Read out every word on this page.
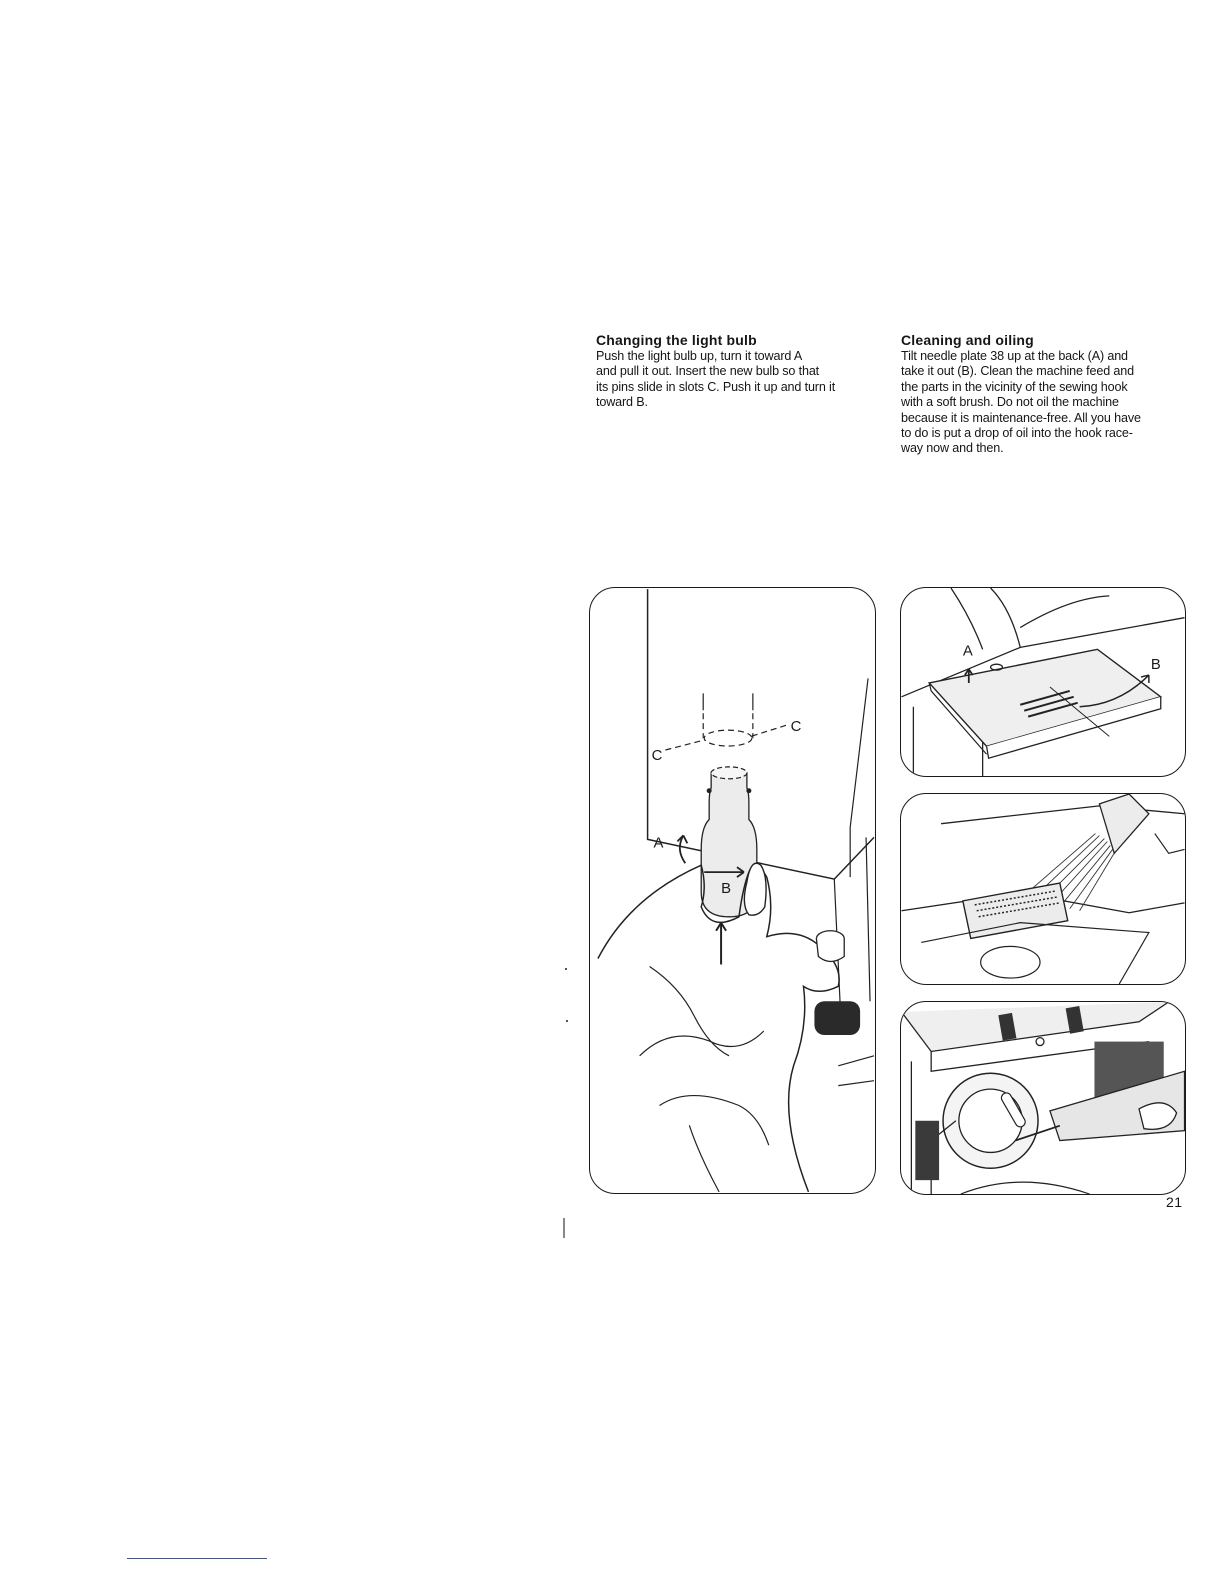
Changing the light bulb

Push the light bulb up, turn it toward A

and pull it out. Insert the new bulb so that

its pins slide in slots C. Push it up and turn it

toward B.

Cleaning and oiling

Tilt needle plate 38 up at the back (A) and

take it out (B). Clean the machine feed and

the parts in the vicinity of the sewing hook

with a soft brush. Do not oil the machine

because it is maintenance-free. All you have

to do is put a drop of oil into the hook race-

way now and then.

C
C
A
B
A
B
21
